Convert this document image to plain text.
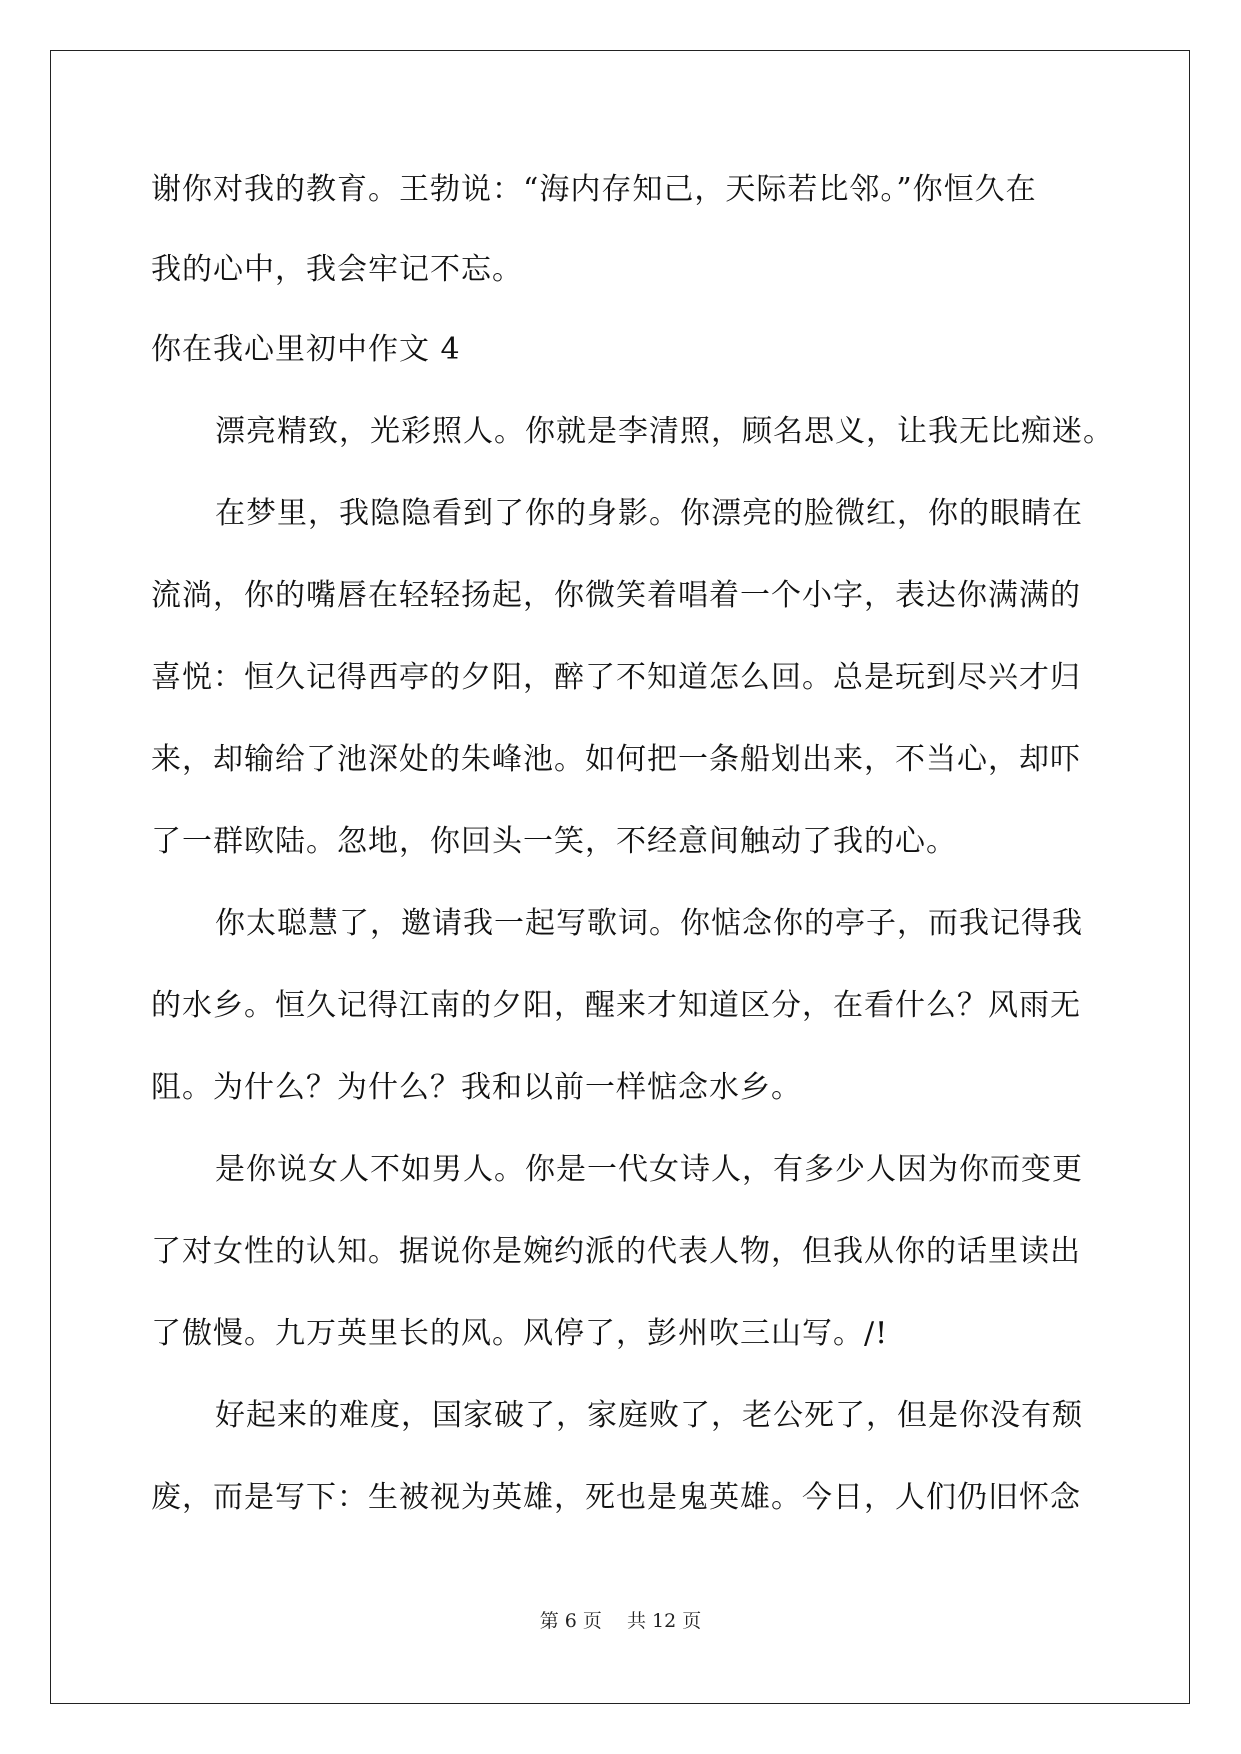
谢你对我的教育。王勃说：“海内存知己，天际若比邻。”你恒久在
我的心中，我会牢记不忘。
你在我心里初中作文 4
漂亮精致，光彩照人。你就是李清照，顾名思义，让我无比痴迷。
在梦里，我隐隐看到了你的身影。你漂亮的脸微红，你的眼睛在
流淌，你的嘴唇在轻轻扬起，你微笑着唱着一个小字，表达你满满的
喜悦：恒久记得西亭的夕阳，醉了不知道怎么回。总是玩到尽兴才归
来，却输给了池深处的朱峰池。如何把一条船划出来，不当心，却吓
了一群欧陆。忽地，你回头一笑，不经意间触动了我的心。
你太聪慧了，邀请我一起写歌词。你惦念你的亭子，而我记得我
的水乡。恒久记得江南的夕阳，醒来才知道区分，在看什么？风雨无
阻。为什么？为什么？我和以前一样惦念水乡。
是你说女人不如男人。你是一代女诗人，有多少人因为你而变更
了对女性的认知。据说你是婉约派的代表人物，但我从你的话里读出
了傲慢。九万英里长的风。风停了，彭州吹三山写。/!
好起来的难度，国家破了，家庭败了，老公死了，但是你没有颓
废，而是写下：生被视为英雄，死也是鬼英雄。今日，人们仍旧怀念
第 6 页　 共 12 页
